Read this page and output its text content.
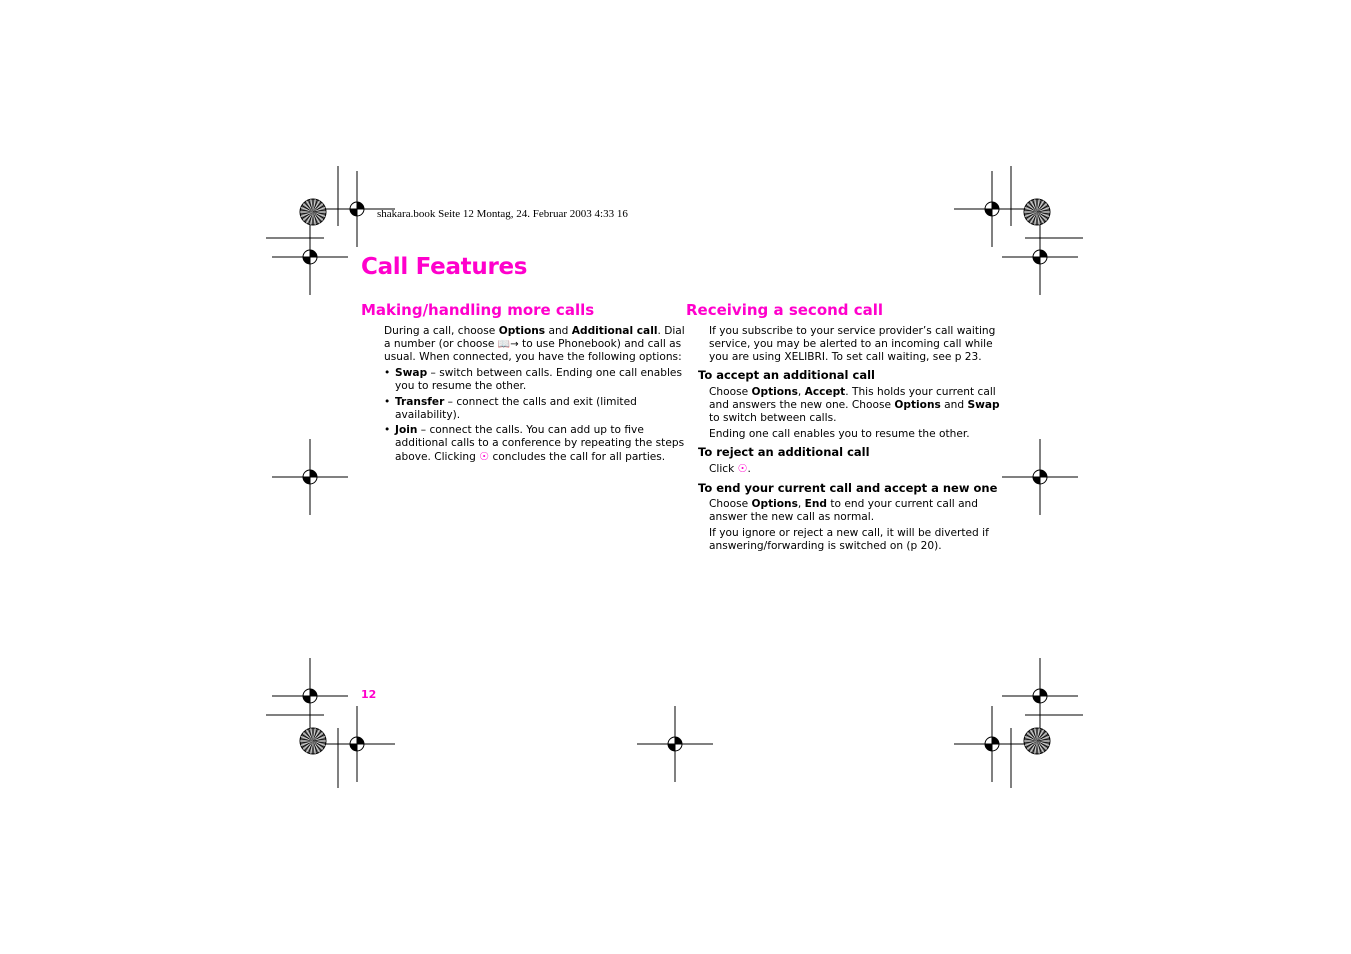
shakara.book Seite 12 Montag, 24. Februar 2003 4:33 16
Call Features
Making/handling more calls
During a call, choose Options and Additional call. Dial
a number (or choose 📖→ to use Phonebook) and call as
usual. When connected, you have the following options:
• Swap – switch between calls. Ending one call enables
you to resume the other.
• Transfer – connect the calls and exit (limited
availability).
• Join – connect the calls. You can add up to five
additional calls to a conference by repeating the steps
above. Clicking ☉ concludes the call for all parties.
Receiving a second call
If you subscribe to your service provider’s call waiting
service, you may be alerted to an incoming call while
you are using XELIBRI. To set call waiting, see p 23.
To accept an additional call
Choose Options, Accept. This holds your current call
and answers the new one. Choose Options and Swap
to switch between calls.
Ending one call enables you to resume the other.
To reject an additional call
Click ☉.
To end your current call and accept a new one
Choose Options, End to end your current call and
answer the new call as normal.
If you ignore or reject a new call, it will be diverted if
answering/forwarding is switched on (p 20).
12
